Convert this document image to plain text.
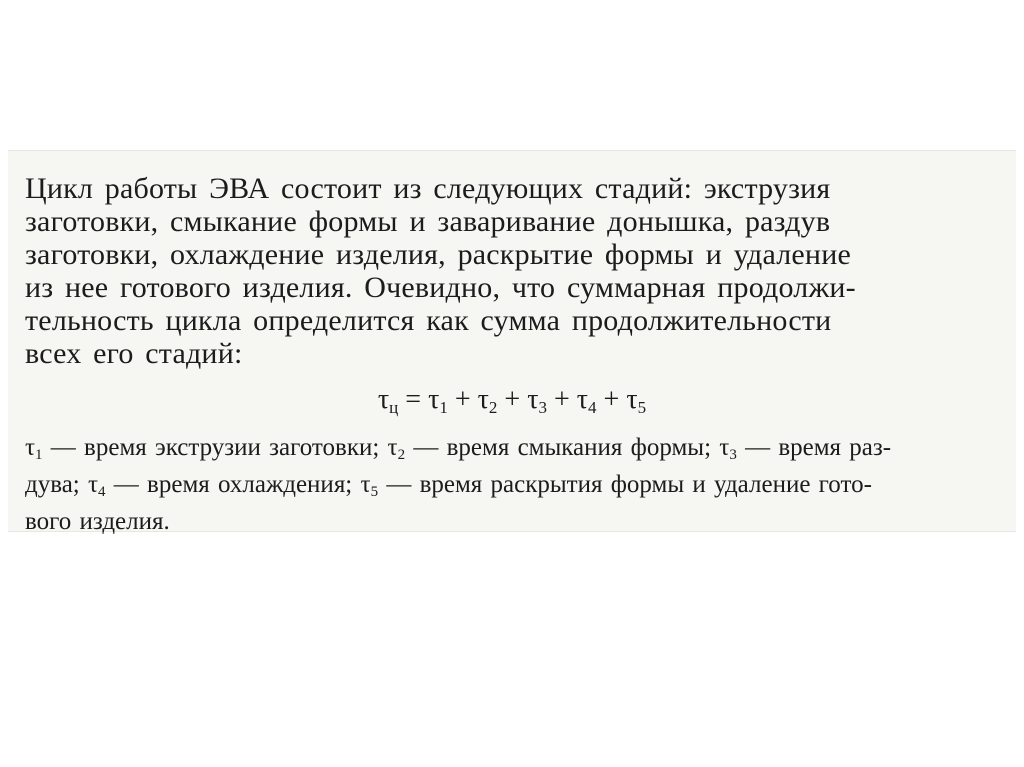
Цикл работы ЭВА состоит из следующих стадий: экструзия
заготовки, смыкание формы и заваривание донышка, раздув
заготовки, охлаждение изделия, раскрытие формы и удаление
из нее готового изделия. Очевидно, что суммарная продолжи-
тельность цикла определится как сумма продолжительности
всех его стадий:
$\tau_ц = \tau_1 + \tau_2 + \tau_3 + \tau_4 + \tau_5$
$\tau_1$ — время экструзии заготовки; $\tau_2$ — время смыкания формы; $\tau_3$ — время раз-
дува; $\tau_4$ — время охлаждения; $\tau_5$ — время раскрытия формы и удаление гото-
вого изделия.
